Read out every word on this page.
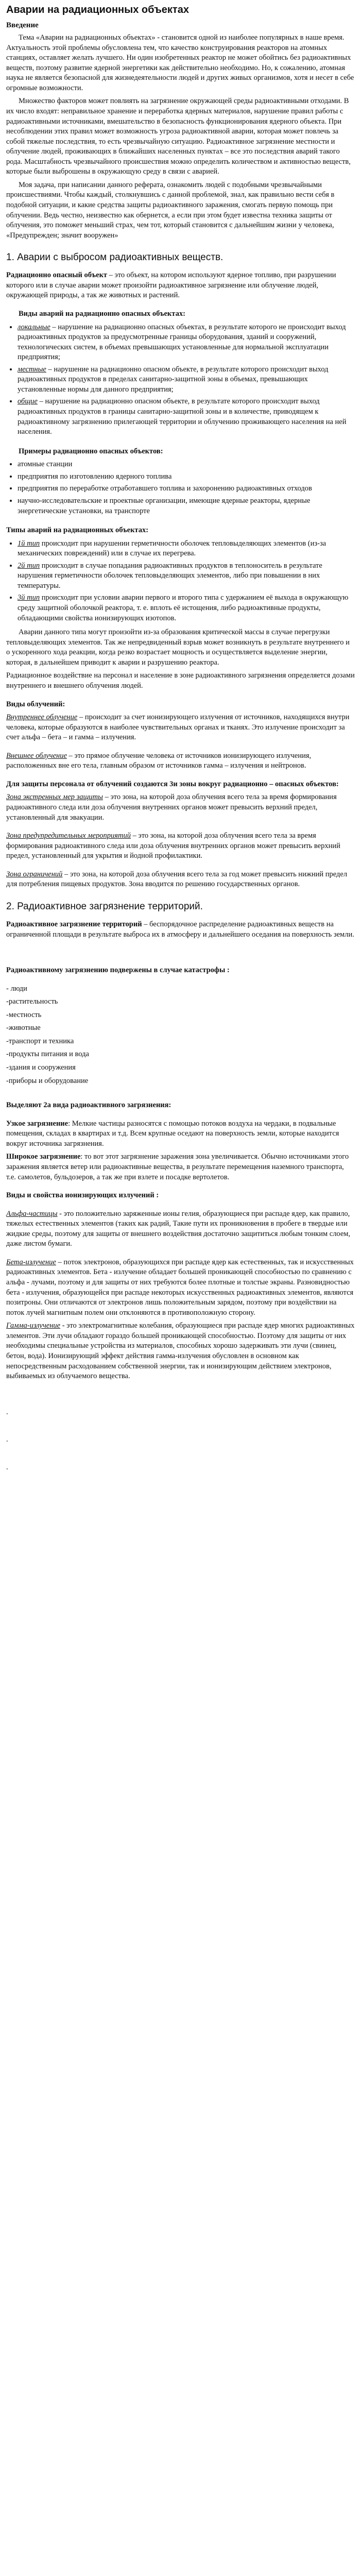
Аварии на радиационных объектах
Введение

Тема «Аварии на радиационных объектах» - становится одной из наиболее популярных в наше время. Актуальность этой проблемы обусловлена тем, что качество конструирования реакторов на атомных станциях, оставляет желать лучшего. Ни один изобретенных реактор не может обойтись без радиоактивных веществ, поэтому развитие ядерной энергетики как действительно необходимо. Но, к сожалению, атомная наука не является безопасной для жизнедеятельности людей и других живых организмов, хотя и несет в себе огромные возможности.

Множество факторов может повлиять на загрязнение окружающей среды радиоактивными отходами. В их число входят: неправильное хранение и переработка ядерных материалов, нарушение правил работы с радиоактивными источниками, вмешательство в безопасность функционирования ядерного объекта. При несоблюдении этих правил может возможность угроза радиоактивной аварии, которая может повлечь за собой тяжелые последствия, то есть чрезвычайную ситуацию. Радиоактивное загрязнение местности и облучение людей, проживающих в ближайших населенных пунктах – все это последствия аварий такого рода. Масштабность чрезвычайного происшествия можно определить количеством и активностью веществ, которые были выброшены в окружающую среду в связи с аварией.

Моя задача, при написании данного реферата, ознакомить людей с подобными чрезвычайными происшествиями. Чтобы каждый, столкнувшись с данной проблемой, знал, как правильно вести себя в подобной ситуации, и какие средства защиты радиоактивного заражения, смогать первую помощь при облучении. Ведь честно, неизвестно как обернется, а если при этом будет известна техника защиты от облучения, это поможет меньший страх, чем тот, который становится с дальнейшим жизни у человека, «Предупрежден; значит вооружен»

1. Аварии с выбросом радиоактивных веществ.

Радиационно опасный объект – это объект, на котором используют ядерное топливо, при разрушении которого или в случае аварии может произойти радиоактивное загрязнение или облучение людей, окружающей природы, а так же животных и растений.

Виды аварий на радиационно опасных объектах:

• локальные – нарушение на радиационно опасных объектах, в результате которого не происходит выход радиоактивных продуктов за предусмотренные границы оборудования, зданий и сооружений, технологических систем, в объемах превышающих установленные для нормальной эксплуатации предприятия;
• местные – нарушение на радиационно опасном объекте, в результате которого происходит выход радиоактивных продуктов в пределах санитарно-защитной зоны в объемах, превышающих установленные нормы для данного предприятия;
• общие – нарушение на радиационно опасном объекте, в результате которого происходит выход радиоактивных продуктов в границы санитарно-защитной зоны и в количестве, приводящем к радиоактивному загрязнению прилегающей территории и облучению проживающего населения на ней населения.

Примеры радиационно опасных объектов:

• атомные станции
• предприятия по изготовлению ядерного топлива
• предприятия по переработке отработавшего топлива и захоронению радиоактивных отходов
• научно-исследовательские и проектные организации, имеющие ядерные реакторы, ядерные энергетические установки, на транспорте

Типы аварий на радиационных объектах:

• 1й тип происходит при нарушении герметичности оболочек тепловыделяющих элементов (из-за механических повреждений) или в случае их перегрева.
• 2й тип происходит в случае попадания радиоактивных продуктов в теплоноситель в результате нарушения герметичности оболочек тепловыделяющих элементов, либо при повышении в них температуры.
• 3й тип происходит при условии аварии первого и второго типа с удержанием её выхода в окружающую среду защитной оболочкой реактора, т. е. вплоть её истощения, либо радиоактивные продукты, обладающими свойства ионизирующих изотопов.

Аварии данного типа могут произойти из-за образования критической массы в случае перегрузки тепловыделяющих элементов. Так же непредвиденный взрыв может возникнуть в результате внутреннего и о ускоренного хода реакции, когда резко возрастает мощность и осуществляется выделение энергии, которая, в дальнейшем приводит к аварии и разрушению реактора.

Радиационное воздействие на персонал и население в зоне радиоактивного загрязнения определяется дозами внутреннего и внешнего облучения людей.

Виды облучений:

Внутреннее облучение – происходит за счет ионизирующего излучения от источников, находящихся внутри человека, которые образуются в наиболее чувствительных органах и тканях. Это излучение происходит за счет альфа – бета – и гамма – излучения.

Внешнее облучение – это прямое облучение человека от источников ионизирующего излучения, расположенных вне его тела, главным образом от источников гамма – излучения и нейтронов.

Для защиты персонала от облучений создаются 3и зоны вокруг радиационно – опасных объектов:

Зона экстренных мер защиты – это зона, на которой доза облучения всего тела за время формирования радиоактивного следа или доза облучения внутренних органов может превысить верхний предел, установленный для эвакуации.

Зона предупредительных мероприятий – это зона, на которой доза облучения всего тела за время формирования радиоактивного следа или доза облучения внутренних органов может превысить верхний предел, установленный для укрытия и йодной профилактики.

Зона ограничений – это зона, на которой доза облучения всего тела за год может превысить нижний предел для потребления пищевых продуктов. Зона вводится по решению государственных органов.

2. Радиоактивное загрязнение территорий.

Радиоактивное загрязнение территорий – беспорядочное распределение радиоактивных веществ на ограниченной площади в результате выброса их в атмосферу и дальнейшего оседания на поверхность земли.

Радиоактивному загрязнению подвержены в случае катастрофы :

- люди

-растительность

-местность

-животные

-транспорт и техника

-продукты питания и вода

-здания и сооружения

-приборы и оборудование

Выделяют 2а вида радиоактивного загрязнения:

Узкое загрязнение: Мелкие частицы разносятся с помощью потоков воздуха на чердаки, в подвальные помещения, складах в квартирах и т.д. Всем крупные оседают на поверхность земли, которые находится вокруг источника загрязнения.

Широкое загрязнение: то вот этот загрязнение заражения зона увеличивается. Обычно источниками этого заражения является ветер или радиоактивные вещества, в результате перемещения наземного транспорта, т.е. самолетов, бульдозеров, а так же при взлете и посадке вертолетов.

Виды и свойства ионизирующих излучений :

Альфа-частицы - это положительно заряженные ионы гелия, образующиеся при распаде ядер, как правило, тяжелых естественных элементов (таких как радий, Такие пути их проникновения в пробеге в твердые или жидкие среды, поэтому для защиты от внешнего воздействия достаточно защититься любым тонким слоем, даже листом бумаги.

Бета-излучение – поток электронов, образующихся при распаде ядер как естественных, так и искусственных радиоактивных элементов. Бета - излучение обладает большей проникающей способностью по сравнению с альфа - лучами, поэтому и для защиты от них требуются более плотные и толстые экраны. Разновидностью бета - излучения, образующейся при распаде некоторых искусственных радиоактивных элементов, являются позитроны. Они отличаются от электронов лишь положительным зарядом, поэтому при воздействии на поток лучей магнитным полем они отклоняются в противоположную сторону.

Гамма-излучение - это электромагнитные колебания, образующиеся при распаде ядер многих радиоактивных элементов. Эти лучи обладают гораздо большей проникающей способностью. Поэтому для защиты от них необходимы специальные устройства из материалов, способных хорошо задерживать эти лучи (свинец, бетон, вода). Ионизирующий эффект действия гамма-излучения обусловлен в основном как непосредственным расходованием собственной энергии, так и ионизирующим действием электронов, выбиваемых из облучаемого вещества.

.

.

.
